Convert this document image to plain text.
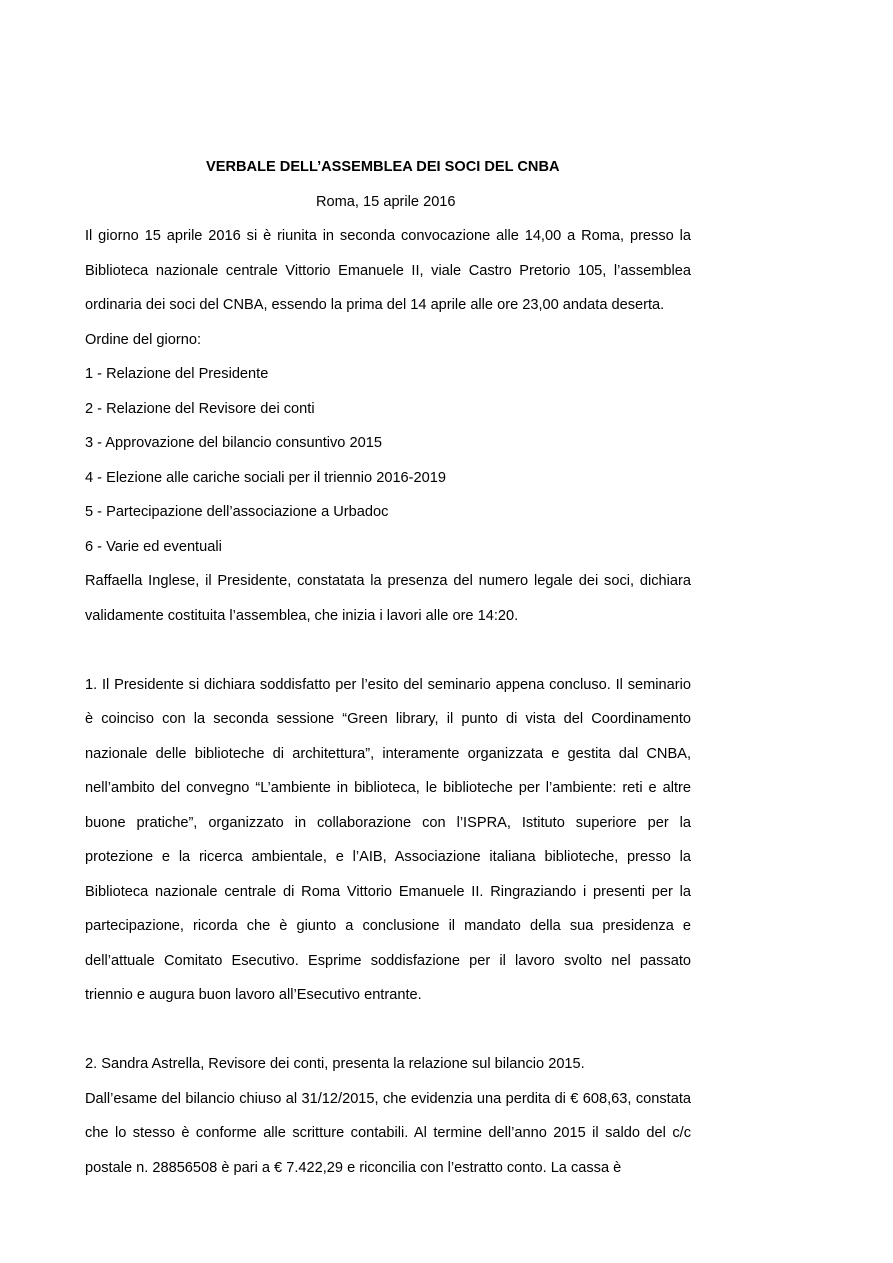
VERBALE DELL’ASSEMBLEA DEI SOCI DEL CNBA

Roma, 15 aprile 2016

Il giorno 15 aprile 2016 si è riunita in seconda convocazione alle 14,00 a Roma, presso la Biblioteca nazionale centrale Vittorio Emanuele II, viale Castro Pretorio 105, l’assemblea ordinaria dei soci del CNBA, essendo la prima del 14 aprile alle ore 23,00 andata deserta.

Ordine del giorno:

1 - Relazione del Presidente
2 - Relazione del Revisore dei conti
3 - Approvazione del bilancio consuntivo 2015
4 - Elezione alle cariche sociali per il triennio 2016-2019
5 - Partecipazione dell’associazione a Urbadoc
6 - Varie ed eventuali

Raffaella Inglese, il Presidente, constatata la presenza del numero legale dei soci, dichiara validamente costituita l’assemblea, che inizia i lavori alle ore 14:20.

1. Il Presidente si dichiara soddisfatto per l’esito del seminario appena concluso. Il seminario è coinciso con la seconda sessione “Green library, il punto di vista del Coordinamento nazionale delle biblioteche di architettura”, interamente organizzata e gestita dal CNBA, nell’ambito del convegno “L’ambiente in biblioteca, le biblioteche per l’ambiente: reti e altre buone pratiche”, organizzato in collaborazione con l’ISPRA, Istituto superiore per la protezione e la ricerca ambientale, e l’AIB, Associazione italiana biblioteche, presso la Biblioteca nazionale centrale di Roma Vittorio Emanuele II. Ringraziando i presenti per la partecipazione, ricorda che è giunto a conclusione il mandato della sua presidenza e dell’attuale Comitato Esecutivo. Esprime soddisfazione per il lavoro svolto nel passato triennio e augura buon lavoro all’Esecutivo entrante.

2. Sandra Astrella, Revisore dei conti, presenta la relazione sul bilancio 2015.

Dall’esame del bilancio chiuso al 31/12/2015, che evidenzia una perdita di € 608,63, constata che lo stesso è conforme alle scritture contabili. Al termine dell’anno 2015 il saldo del c/c postale n. 28856508 è pari a € 7.422,29 e riconcilia con l’estratto conto. La cassa è
